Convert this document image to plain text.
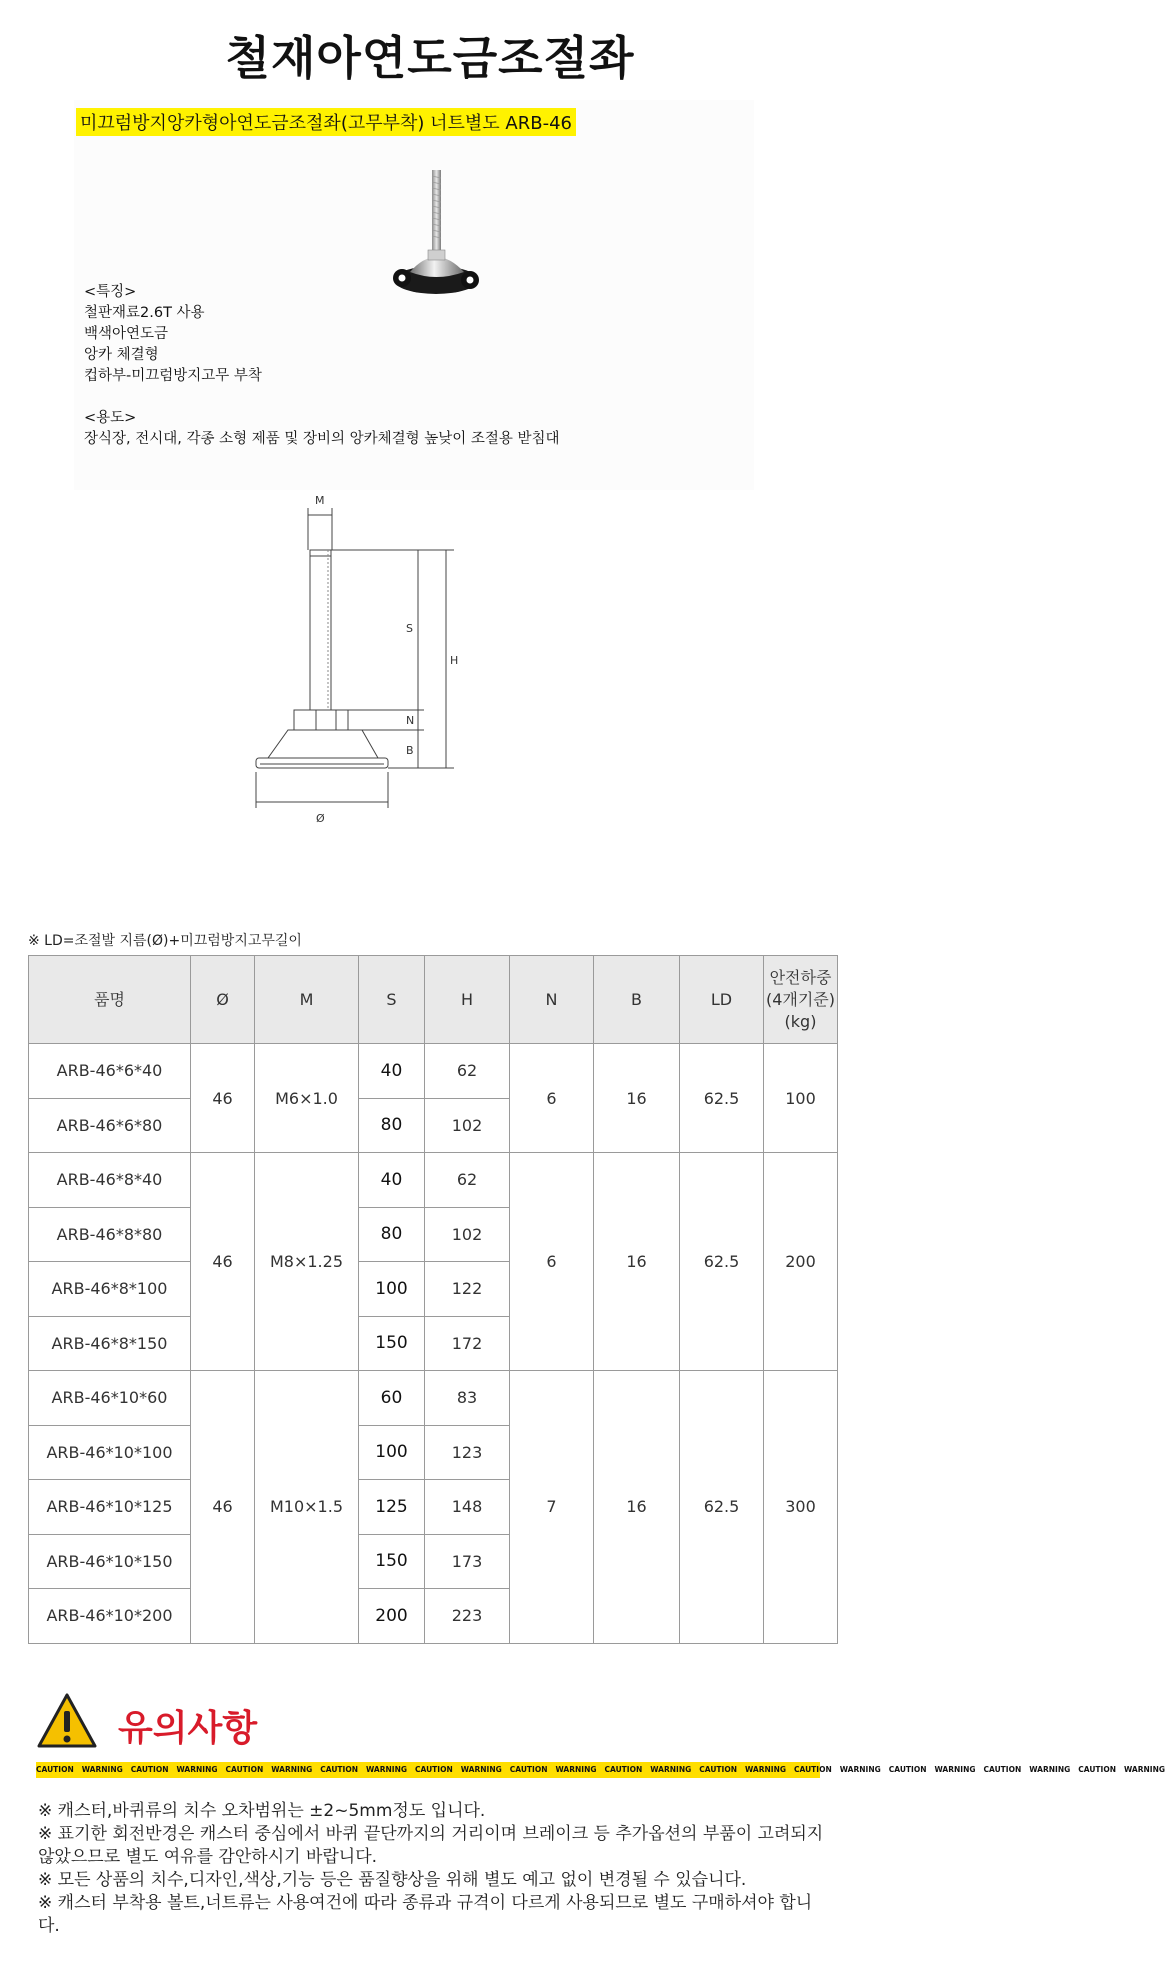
철재아연도금조절좌
미끄럼방지앙카형아연도금조절좌(고무부착) 너트별도 ARB-46
<특징>
철판재료2.6T 사용
백색아연도금
앙카 체결형
컵하부-미끄럼방지고무 부착
<용도>
장식장, 전시대, 각종 소형 제품 및 장비의 앙카체결형 높낮이 조절용 받침대
M
S
H
N
B
Ø
※ LD=조절발 지름(Ø)+미끄럼방지고무길이
품명	Ø	M	S	H	N	B	LD	안전하중
(4개기준)
(kg)

ARB-46*6*40	46	M6×1.0	40	62	6	16	62.5	100
ARB-46*6*80			80	102				
ARB-46*8*40	46	M8×1.25	40	62	6	16	62.5	200
ARB-46*8*80			80	102				
ARB-46*8*100			100	122				
ARB-46*8*150			150	172				
ARB-46*10*60	46	M10×1.5	60	83	7	16	62.5	300
ARB-46*10*100			100	123				
ARB-46*10*125			125	148				
ARB-46*10*150			150	173				
ARB-46*10*200			200	223				
유의사항
CAUTION WARNING CAUTION WARNING CAUTION WARNING CAUTION WARNING CAUTION WARNING CAUTION WARNING CAUTION WARNING CAUTION WARNING CAUTION WARNING CAUTION WARNING CAUTION WARNING CAUTION WARNING

※ 캐스터,바퀴류의 치수 오차범위는 ±2~5mm정도 입니다.

※ 표기한 회전반경은 캐스터 중심에서 바퀴 끝단까지의 거리이며 브레이크 등 추가옵션의 부품이 고려되지 않았으므로 별도 여유를 감안하시기 바랍니다.

※ 모든 상품의 치수,디자인,색상,기능 등은 품질향상을 위해 별도 예고 없이 변경될 수 있습니다.

※ 캐스터 부착용 볼트,너트류는 사용여건에 따라 종류과 규격이 다르게 사용되므로 별도 구매하셔야 합니다.
